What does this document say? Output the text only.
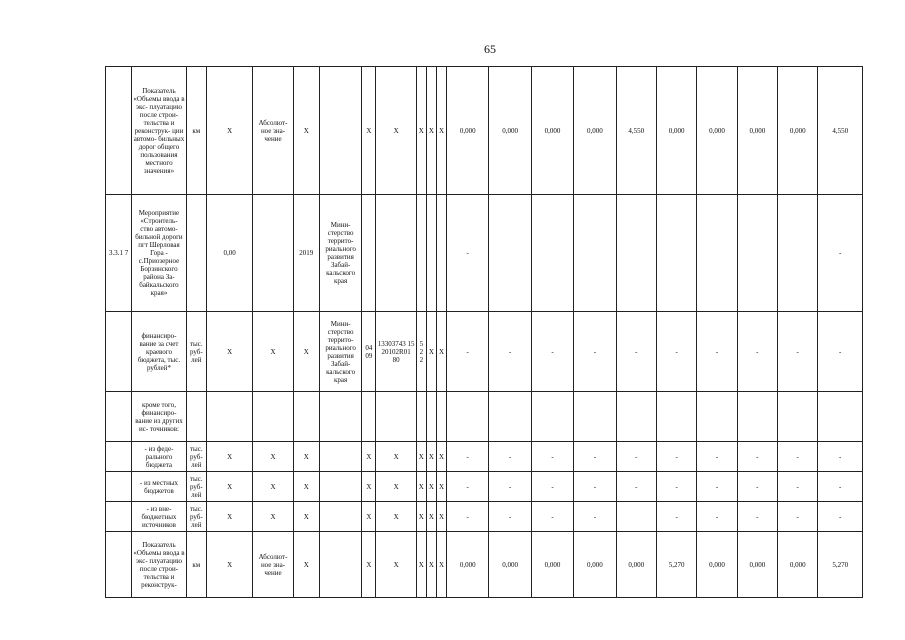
65
	Показатель «Объемы ввода в экс- плуатацию после строи- тельства и реконструк- ции автомо- бильных дорог общего пользования местного значения»	км	Х	Абсолют- ное зна- чение	Х		Х	Х	Х	Х	Х	0,000	0,000	0,000	0,000	4,550	0,000	0,000	0,000	0,000	4,550
3.3.1 7	Мероприятие «Строитель- ство автомо- бильной дороги пгт Шерловая Гора - с.Приозерное Борзинского района За- байкальского края»		0,00		2019	Мини- стерство террито- риального развития Забай- кальского края						-									-
	финансиро- вание за счет краевого бюджета, тыс. рублей*	тыс. руб- лей	Х	Х	Х	Мини- стерство террито- риального развития Забай- кальского края	04 09	13303743 15 20102R01 80	5 2 2	Х	Х	-	-	-	-	-	-	-	-	-	-
	кроме того, финансиро- вание из других ис- точников:																				
	- из феде- рального бюджета	тыс. руб- лей	Х	Х	Х		Х	Х	Х	Х	Х	-	-	-	-	-	-	-	-	-	-
	- из местных бюджетов	тыс. руб- лей	Х	Х	Х		Х	Х	Х	Х	Х	-	-	-	-	-	-	-	-	-	-
	- из вне- бюджетных источников	тыс. руб- лей	Х	Х	Х		Х	Х	Х	Х	Х	-	-	-	-		-	-	-	-	-
	Показатель «Объемы ввода в экс- плуатацию после строи- тельства и реконструк-	км	Х	Абсолют- ное зна- чение	Х		Х	Х	Х	Х	Х	0,000	0,000	0,000	0,000	0,000	5,270	0,000	0,000	0,000	5,270
